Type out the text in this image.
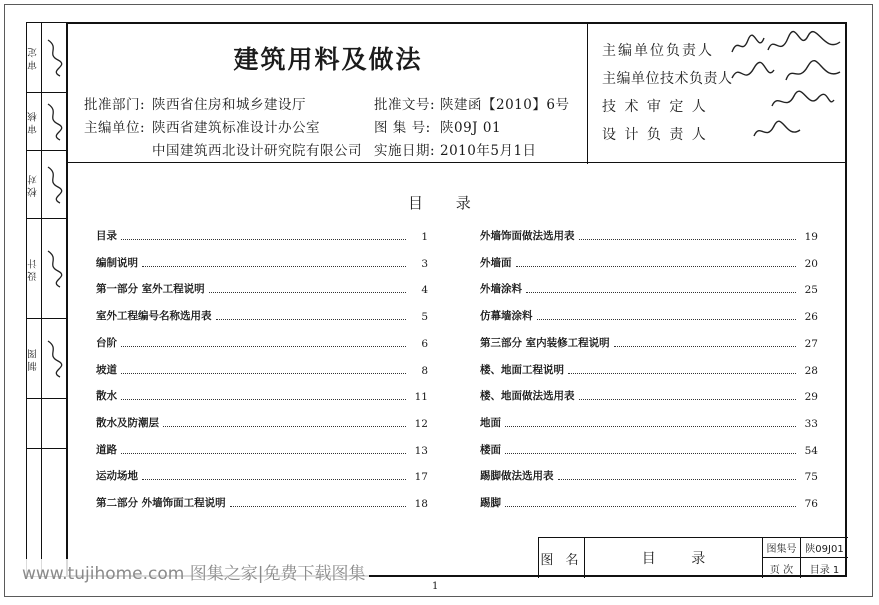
审定
审核
校对
设计
制图
建筑用料及做法
批准部门: 陕西省住房和城乡建设厅
主编单位: 陕西省建筑标准设计办公室
中国建筑西北设计研究院有限公司
批准文号: 陕建函【2010】6号
图 集 号: 陕09J 01
实施日期: 2010年5月1日
主编单位负责人
主编单位技术负责人
技 术 审 定 人
设 计 负 责 人
目 录
目录	1
编制说明	3
第一部分 室外工程说明	4
室外工程编号名称选用表	5
台阶	6
坡道	8
散水	11
散水及防潮层	12
道路	13
运动场地	17
第二部分 外墙饰面工程说明	18
外墙饰面做法选用表	19
外墙面	20
外墙涂料	25
仿幕墙涂料	26
第三部分 室内装修工程说明	27
楼、地面工程说明	28
楼、地面做法选用表	29
地面	33
楼面	54
踢脚做法选用表	75
踢脚	76
图 名	目        录
图集号 陕09J01
页 次	目录 1
www.tujihome.com 图集之家|免费下载图集
1
